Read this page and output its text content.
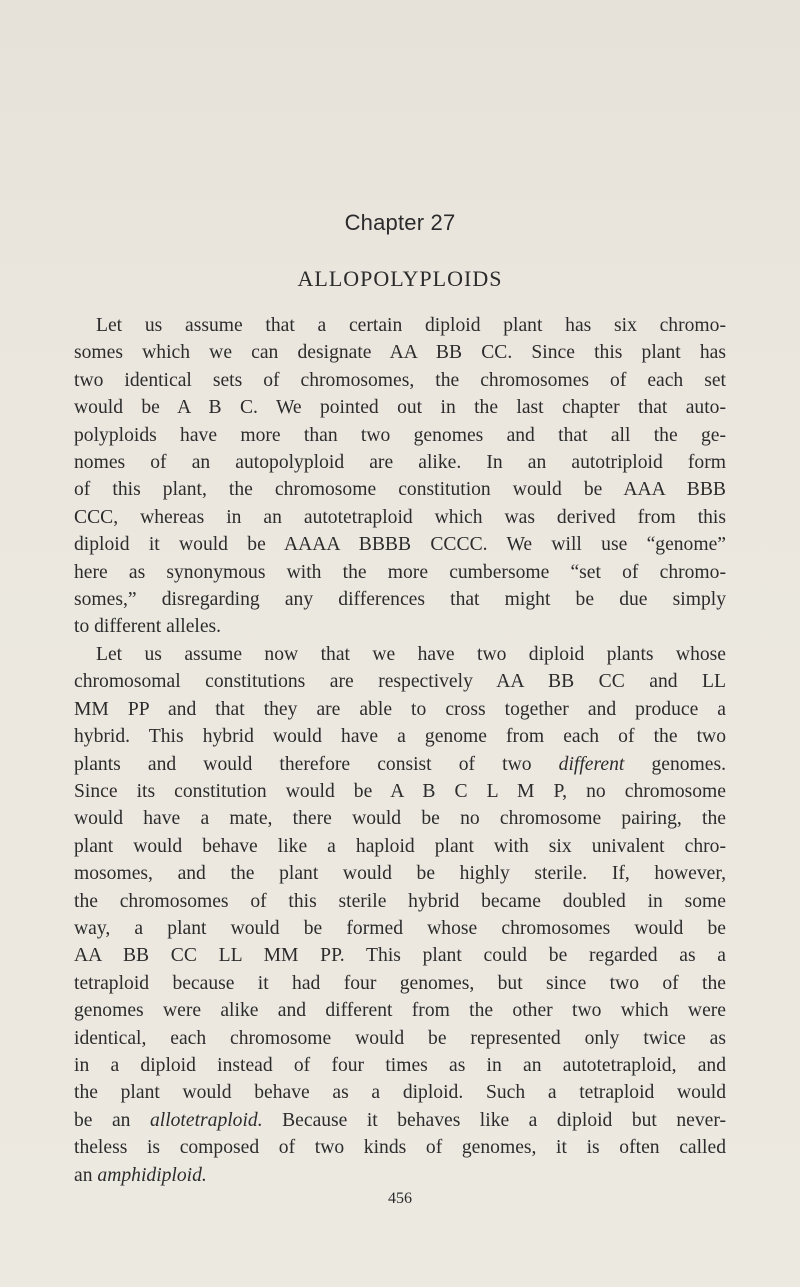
Chapter 27
ALLOPOLYPLOIDS
Let us assume that a certain diploid plant has six chromo-
somes which we can designate AA BB CC. Since this plant has
two identical sets of chromosomes, the chromosomes of each set
would be A B C. We pointed out in the last chapter that auto-
polyploids have more than two genomes and that all the ge-
nomes of an autopolyploid are alike. In an autotriploid form
of this plant, the chromosome constitution would be AAA BBB
CCC, whereas in an autotetraploid which was derived from this
diploid it would be AAAA BBBB CCCC. We will use “genome”
here as synonymous with the more cumbersome “set of chromo-
somes,” disregarding any differences that might be due simply
to different alleles.
Let us assume now that we have two diploid plants whose
chromosomal constitutions are respectively AA BB CC and LL
MM PP and that they are able to cross together and produce a
hybrid. This hybrid would have a genome from each of the two
plants and would therefore consist of two different genomes.
Since its constitution would be A B C L M P, no chromosome
would have a mate, there would be no chromosome pairing, the
plant would behave like a haploid plant with six univalent chro-
mosomes, and the plant would be highly sterile. If, however,
the chromosomes of this sterile hybrid became doubled in some
way, a plant would be formed whose chromosomes would be
AA BB CC LL MM PP. This plant could be regarded as a
tetraploid because it had four genomes, but since two of the
genomes were alike and different from the other two which were
identical, each chromosome would be represented only twice as
in a diploid instead of four times as in an autotetraploid, and
the plant would behave as a diploid. Such a tetraploid would
be an allotetraploid. Because it behaves like a diploid but never-
theless is composed of two kinds of genomes, it is often called
an amphidiploid.
456
